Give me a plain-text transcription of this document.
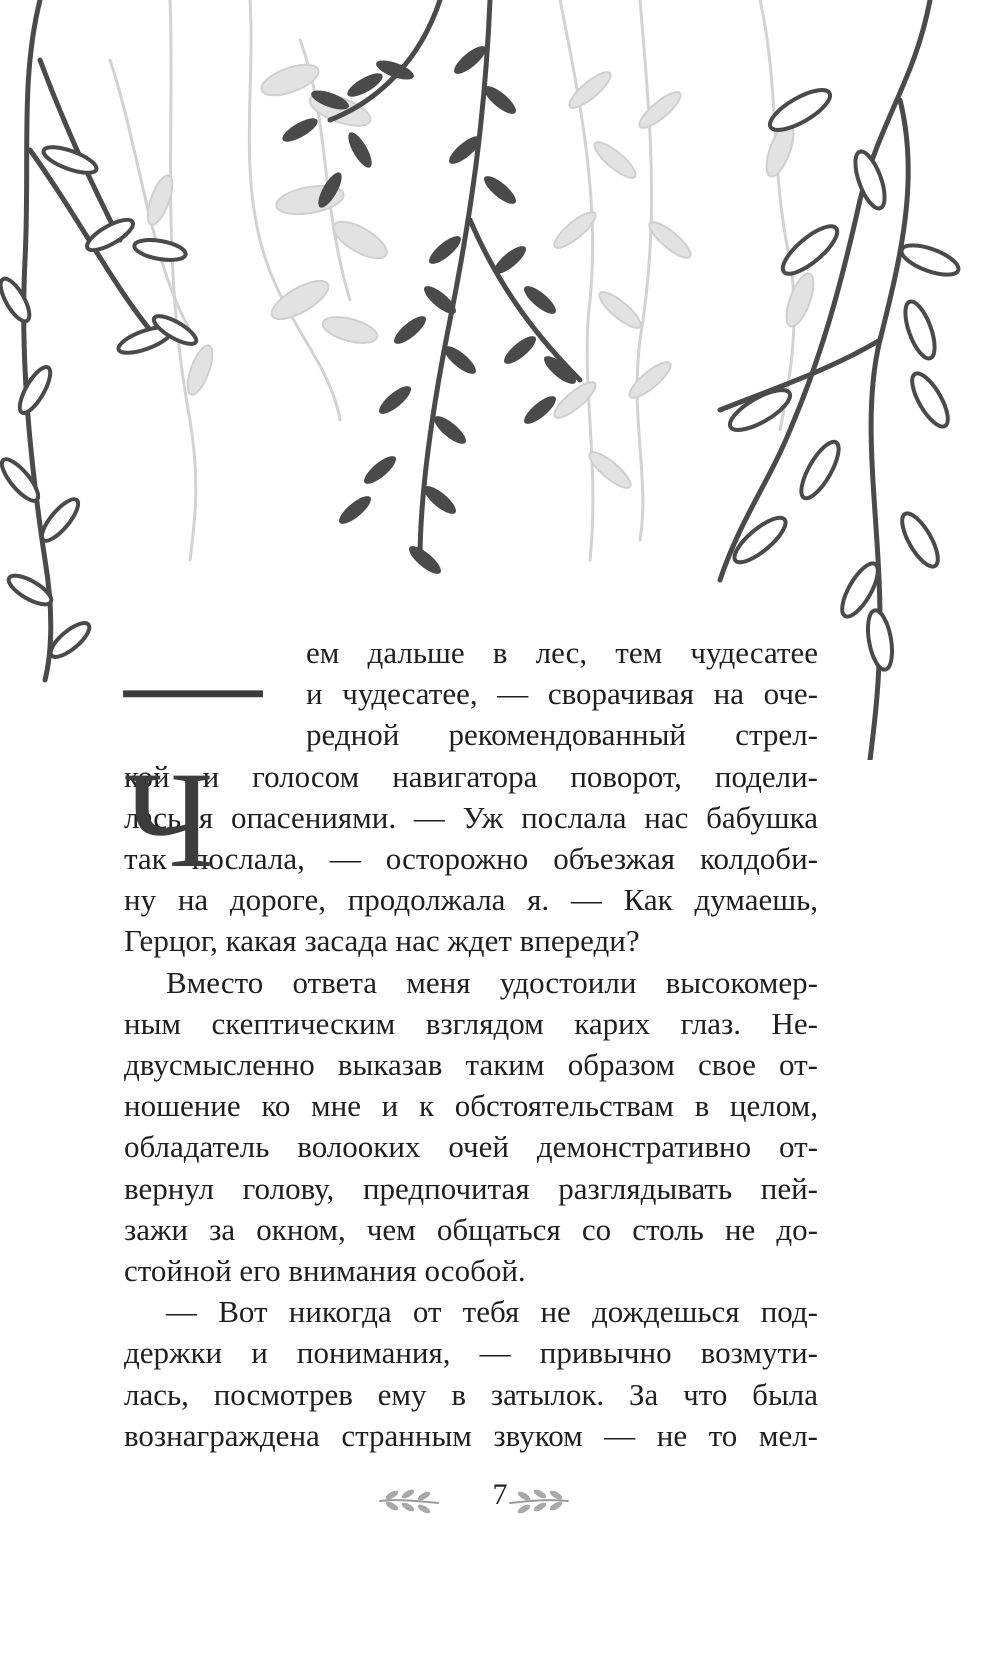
—Ч
ем дальше в лес, тем чудесатее
и чудесатее, — сворачивая на оче-
редной рекомендованный стрел-
кой и голосом навигатора поворот, подели-
лась я опасениями. — Уж послала нас бабушка
так послала, — осторожно объезжая колдоби-
ну на дороге, продолжала я. — Как думаешь,
Герцог, какая засада нас ждет впереди?
Вместо ответа меня удостоили высокомер-
ным скептическим взглядом карих глаз. Не-
двусмысленно выказав таким образом свое от-
ношение ко мне и к обстоятельствам в целом,
обладатель волооких очей демонстративно от-
вернул голову, предпочитая разглядывать пей-
зажи за окном, чем общаться со столь не до-
стойной его внимания особой.
— Вот никогда от тебя не дождешься под-
держки и понимания, — привычно возмути-
лась, посмотрев ему в затылок. За что была
вознаграждена странным звуком — не то мел-
7
